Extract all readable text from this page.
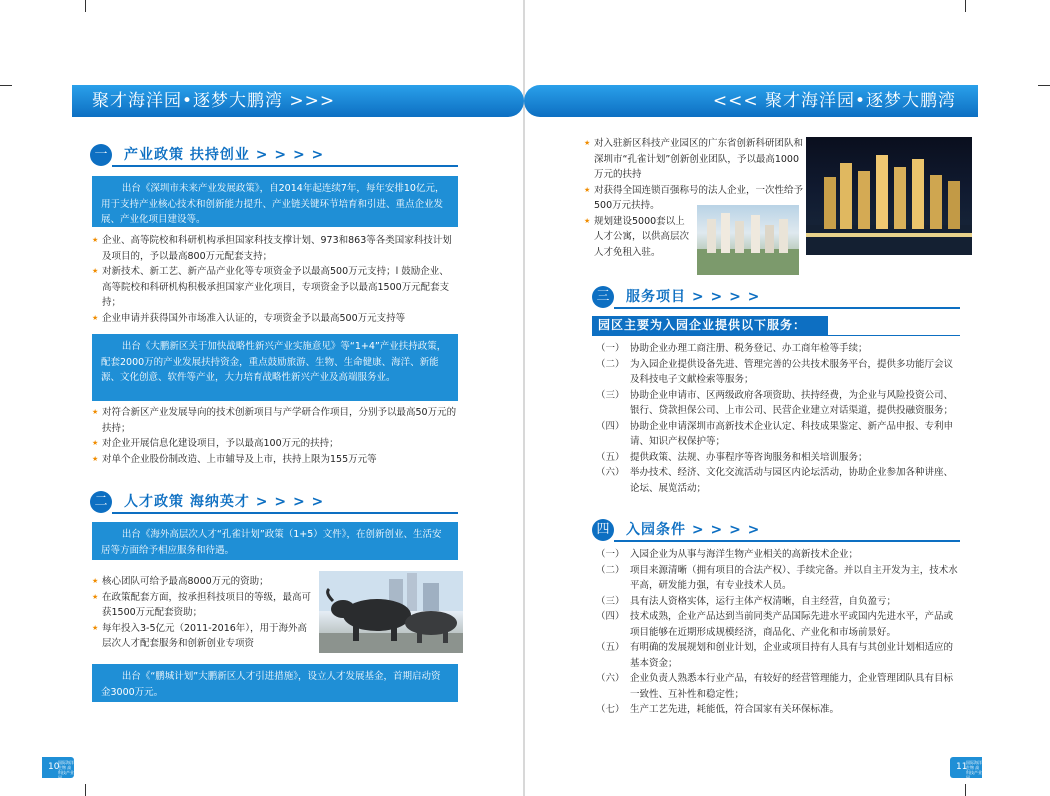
聚才海洋园•逐梦大鹏湾 >>>	<<< 聚才海洋园•逐梦大鹏湾
一	产业政策 扶持创业 > > > >
出台《深圳市未来产业发展政策》，自2014年起连续7年，每年安排10亿元，用于支持产业核心技术和创新能力提升、产业链关键环节培育和引进、重点企业发展、产业化项目建设等。
★ 企业、高等院校和科研机构承担国家科技支撑计划、973和863等各类国家科技计划及项目的，予以最高800万元配套支持；
★ 对新技术、新工艺、新产品产业化等专项资金予以最高500万元支持；l 鼓励企业、高等院校和科研机构积极承担国家产业化项目，专项资金予以最高1500万元配套支持；
★ 企业申请并获得国外市场准入认证的，专项资金予以最高500万元支持等
出台《大鹏新区关于加快战略性新兴产业实施意见》等“1+4”产业扶持政策，配套2000万的产业发展扶持资金，重点鼓励旅游、生物、生命健康、海洋、新能源、文化创意、软件等产业，大力培育战略性新兴产业及高端服务业。
★ 对符合新区产业发展导向的技术创新项目与产学研合作项目，分别予以最高50万元的扶持；
★ 对企业开展信息化建设项目，予以最高100万元的扶持；
★ 对单个企业股份制改造、上市辅导及上市，扶持上限为155万元等
二	人才政策 海纳英才 > > > >
出台《海外高层次人才“孔雀计划”政策（1+5）文件》，在创新创业、生活安居等方面给予相应服务和待遇。
★ 核心团队可给予最高8000万元的资助；
★ 在政策配套方面，按承担科技项目的等级，最高可获1500万元配套资助；
★ 每年投入3-5亿元（2011-2016年），用于海外高层次人才配套服务和创新创业专项资
出台《“鹏城计划”大鹏新区人才引进措施》，设立人才发展基金，首期启动资金3000万元。
★ 对入驻新区科技产业园区的广东省创新科研团队和深圳市“孔雀计划”创新创业团队，予以最高1000万元的扶持
★ 对获得全国连锁百强称号的法人企业，一次性给予500万元扶持。
★ 规划建设5000套以上人才公寓，以供高层次人才免租入驻。
三	服务项目 > > > >
园区主要为入园企业提供以下服务：
（一） 协助企业办理工商注册、税务登记、办工商年检等手续；
（二） 为入园企业提供设备先进、管理完善的公共技术服务平台，提供多功能厅会议及科技电子文献检索等服务；
（三） 协助企业申请市、区两级政府各项资助、扶持经费，为企业与风险投资公司、银行、贷款担保公司、上市公司、民营企业建立对话渠道，提供投融资服务；
（四） 协助企业申请深圳市高新技术企业认定、科技成果鉴定、新产品申报、专利申请、知识产权保护等；
（五） 提供政策、法规、办事程序等咨询服务和相关培训服务；
（六） 举办技术、经济、文化交流活动与园区内论坛活动，协助企业参加各种讲座、论坛、展览活动；
四	入园条件 > > > >
（一） 入园企业为从事与海洋生物产业相关的高新技术企业；
（二） 项目来源清晰（拥有项目的合法产权）、手续完备。并以自主开发为主，技术水平高，研发能力强，有专业技术人员。
（三） 具有法人资格实体，运行主体产权清晰，自主经营，自负盈亏；
（四） 技术成熟，企业产品达到当前同类产品国际先进水平或国内先进水平，产品或项目能够在近期形成规模经济，商品化、产业化和市场前景好。
（五） 有明确的发展规划和创业计划，企业或项目持有人具有与其创业计划相适应的基本资金；
（六） 企业负责人熟悉本行业产品，有较好的经营管理能力，企业管理团队具有目标一致性、互补性和稳定性；
（七） 生产工艺先进，耗能低，符合国家有关环保标准。
10
国际海洋生物 高科技产业园
11
国际海洋生物 高科技产业园
